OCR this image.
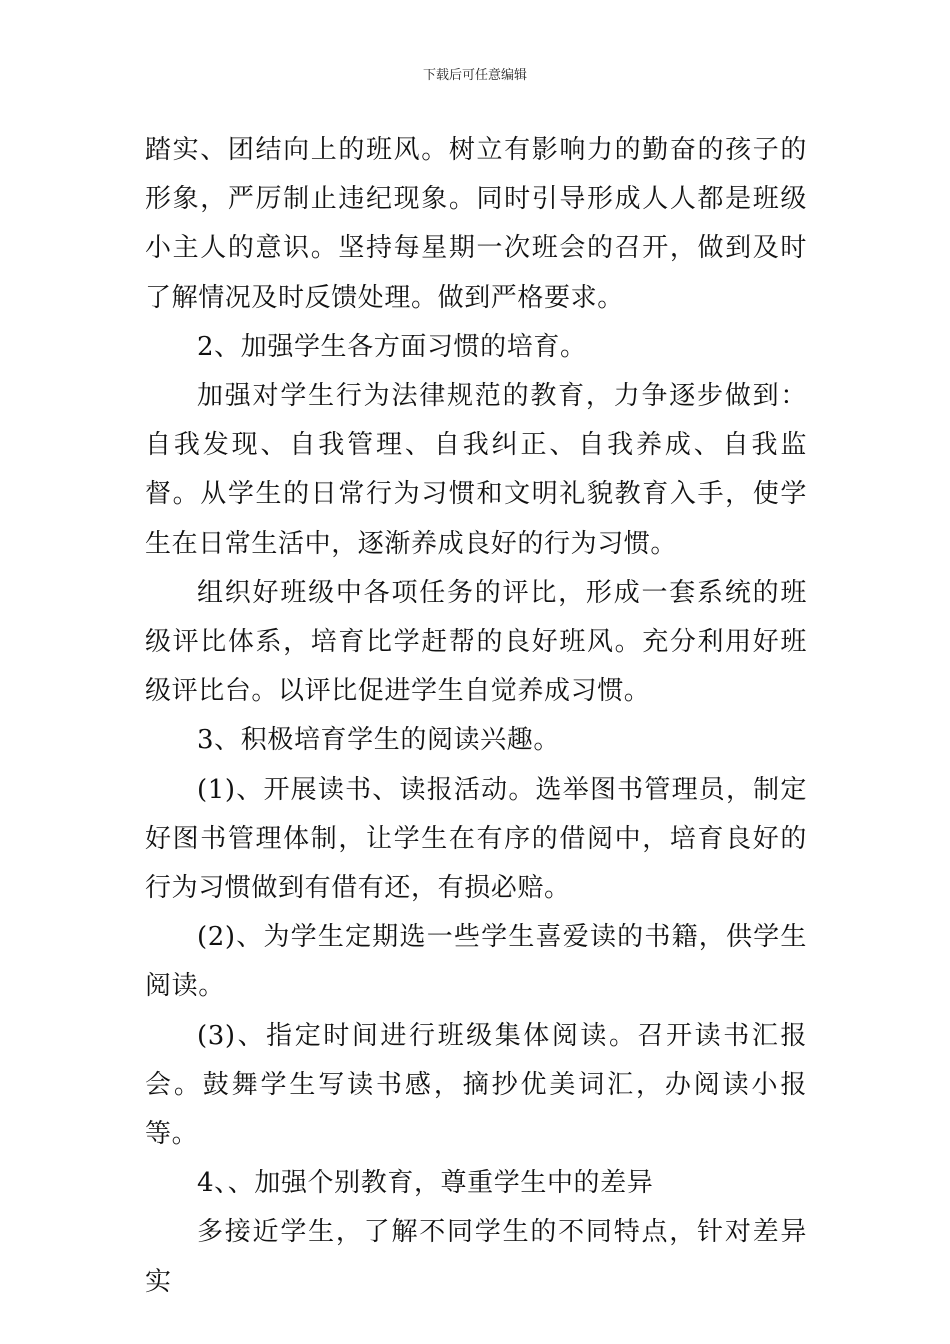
下载后可任意编辑

踏实、团结向上的班风。树立有影响力的勤奋的孩子的形象，严厉制止违纪现象。同时引导形成人人都是班级小主人的意识。坚持每星期一次班会的召开，做到及时了解情况及时反馈处理。做到严格要求。

2、加强学生各方面习惯的培育。

加强对学生行为法律规范的教育，力争逐步做到：自我发现、自我管理、自我纠正、自我养成、自我监督。从学生的日常行为习惯和文明礼貌教育入手，使学生在日常生活中，逐渐养成良好的行为习惯。

组织好班级中各项任务的评比，形成一套系统的班级评比体系，培育比学赶帮的良好班风。充分利用好班级评比台。以评比促进学生自觉养成习惯。

3、积极培育学生的阅读兴趣。

(1)、开展读书、读报活动。选举图书管理员，制定好图书管理体制，让学生在有序的借阅中，培育良好的行为习惯做到有借有还，有损必赔。

(2)、为学生定期选一些学生喜爱读的书籍，供学生阅读。

(3)、指定时间进行班级集体阅读。召开读书汇报会。鼓舞学生写读书感，摘抄优美词汇，办阅读小报等。

4、、加强个别教育，尊重学生中的差异

多接近学生，了解不同学生的不同特点，针对差异实
